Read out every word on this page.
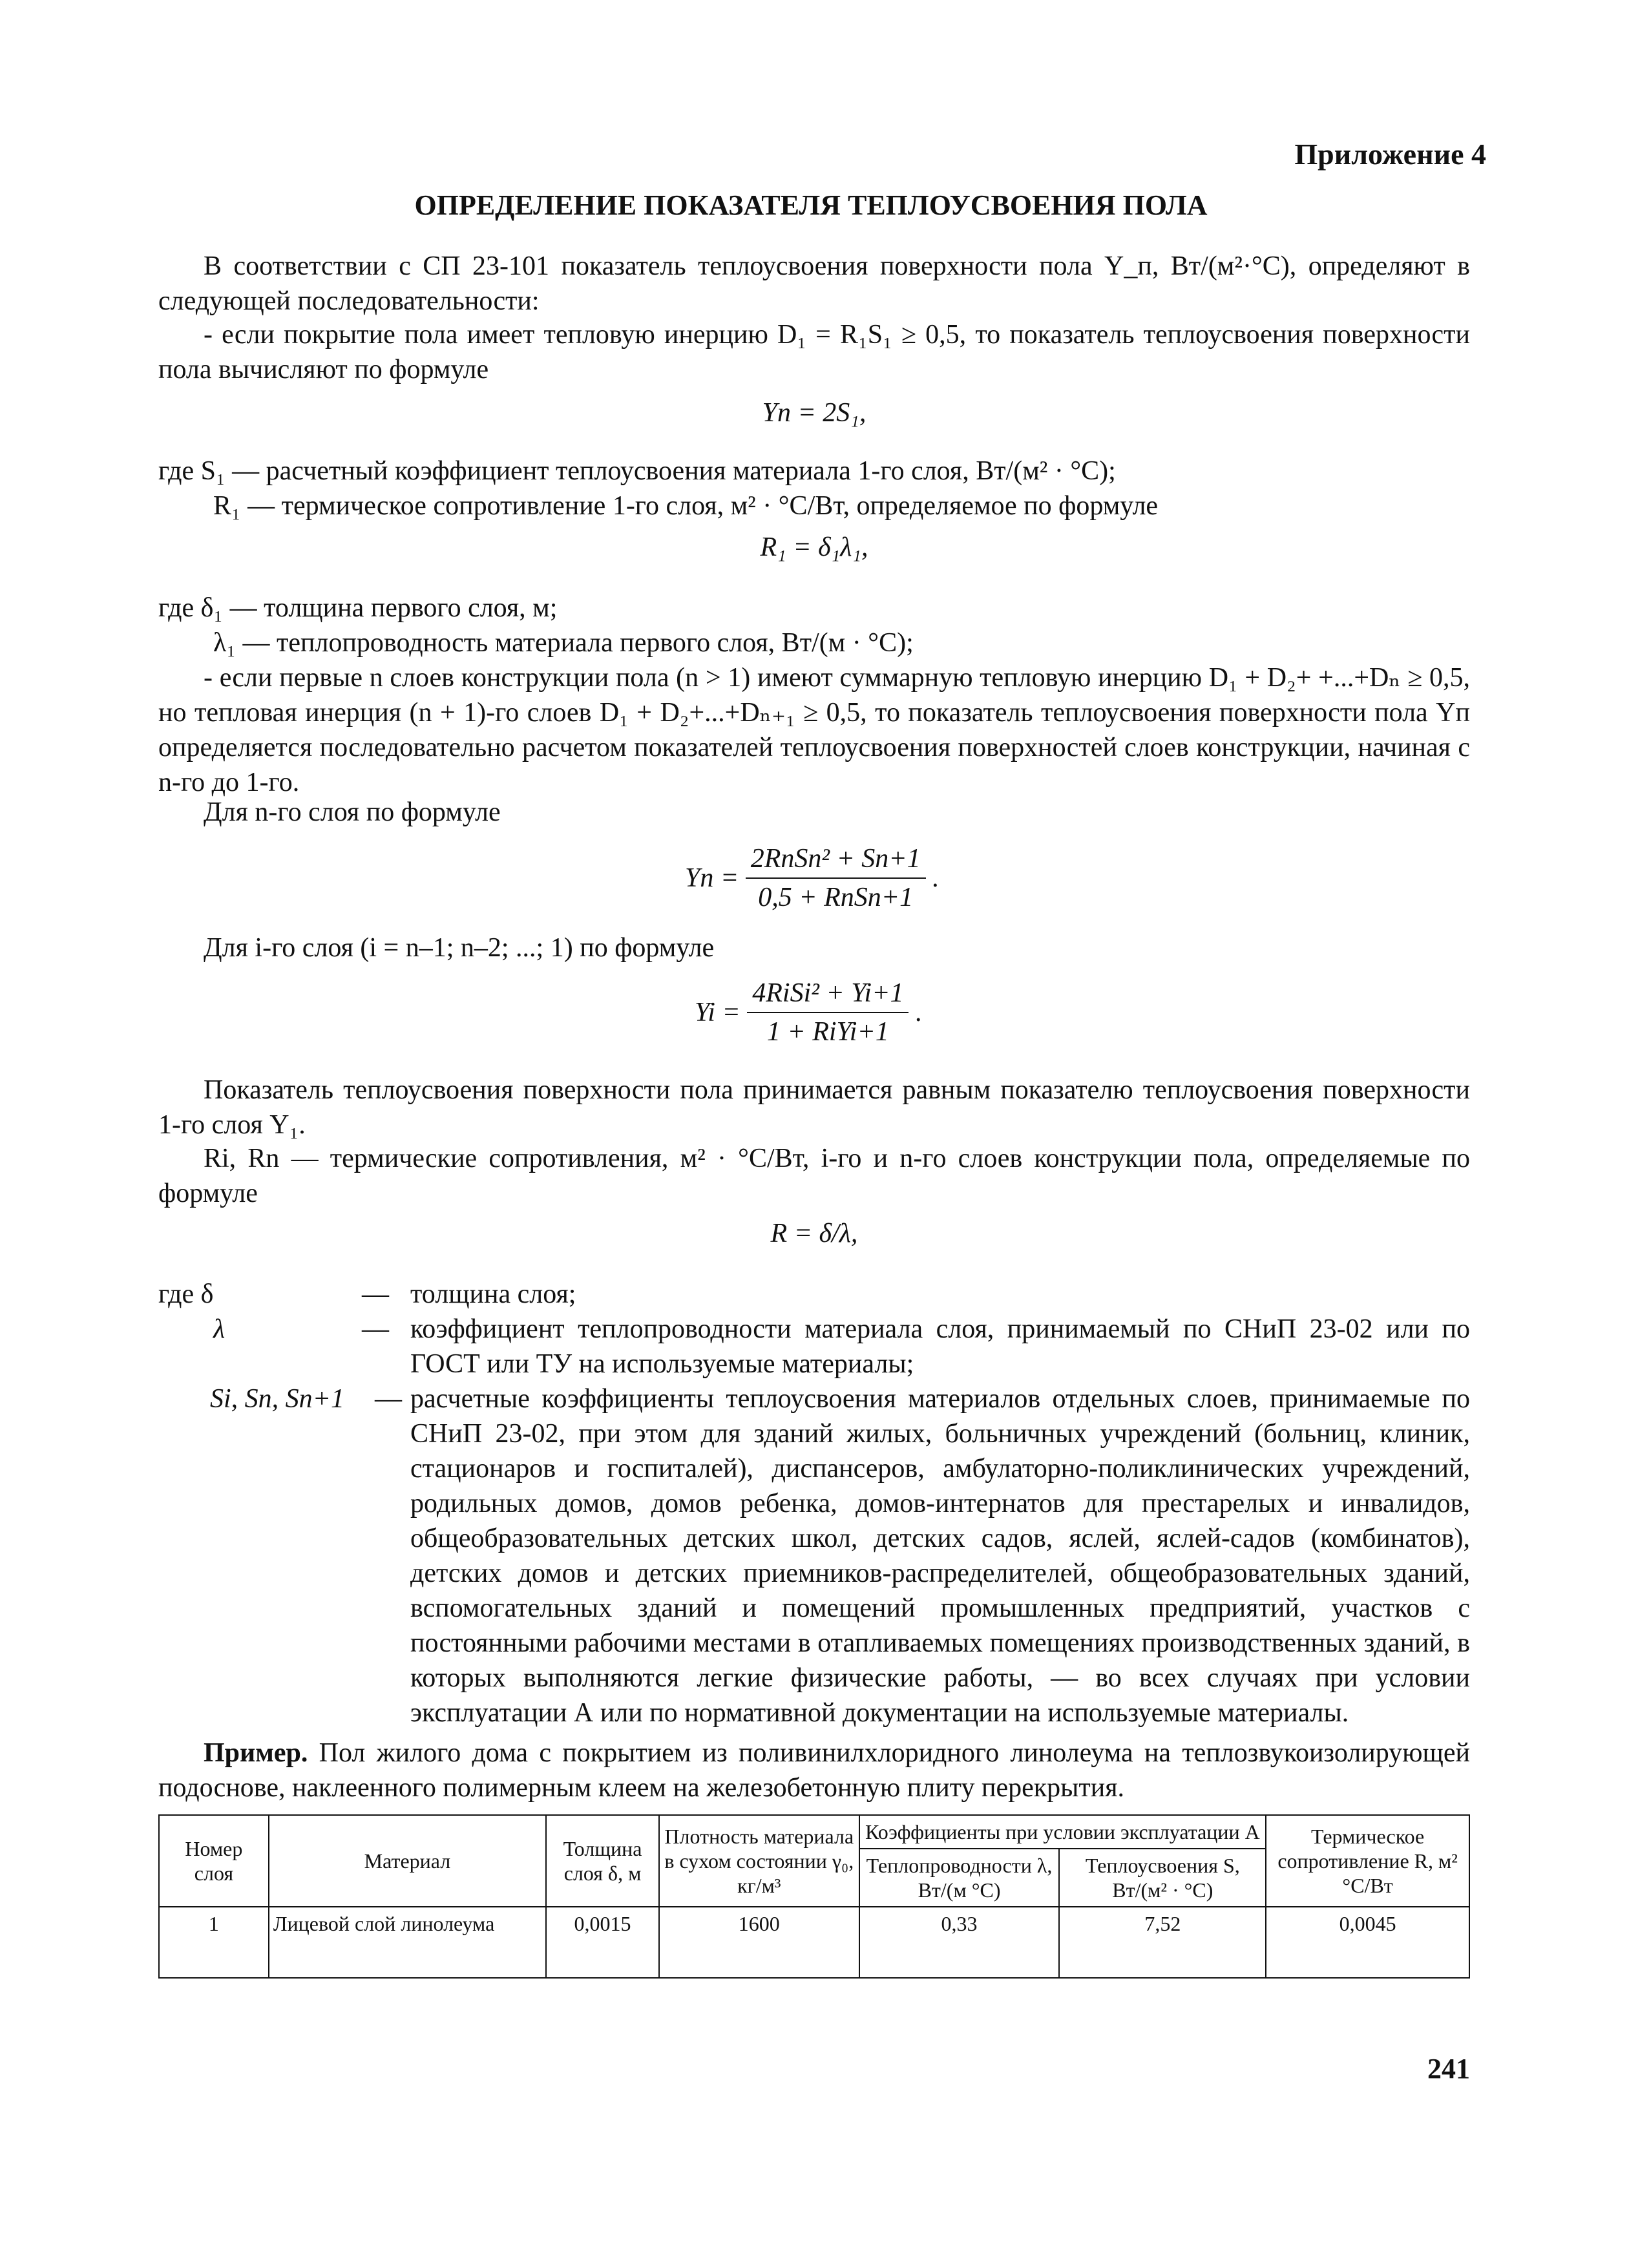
Приложение 4
ОПРЕДЕЛЕНИЕ ПОКАЗАТЕЛЯ ТЕПЛОУСВОЕНИЯ ПОЛА
В соответствии с СП 23-101 показатель теплоусвоения поверхности пола Y_п, Вт/(м²·°С), определяют в следующей последовательности:
- если покрытие пола имеет тепловую инерцию D₁ = R₁S₁ ≥ 0,5, то показатель теплоусвоения поверхности пола вычисляют по формуле
Yп = 2S₁,
где S₁ — расчетный коэффициент теплоусвоения материала 1-го слоя, Вт/(м² · °С);
R₁ — термическое сопротивление 1-го слоя, м² · °С/Вт, определяемое по формуле
R₁ = δ₁λ₁,
где δ₁ — толщина первого слоя, м;
λ₁ — теплопроводность материала первого слоя, Вт/(м · °С);
- если первые n слоев конструкции пола (n > 1) имеют суммарную тепловую инерцию D₁ + D₂+ +...+Dₙ ≥ 0,5, но тепловая инерция (n + 1)-го слоев D₁ + D₂+...+Dₙ₊₁ ≥ 0,5, то показатель теплоусвоения поверхности пола Yп определяется последовательно расчетом показателей теплоусвоения поверхностей слоев конструкции, начиная с n-го до 1-го.
Для n-го слоя по формуле
$Yn = \frac{\text{2RnSn² + Sn+1}}{\text{0,5 + RnSn+1}}$ .
Для i-го слоя (i = n–1; n–2; ...; 1) по формуле
$Yi = \frac{\text{4RiSi² + Yi+1}}{\text{1 + RiYi+1}}$ .
Показатель теплоусвоения поверхности пола принимается равным показателю теплоусвоения поверхности 1-го слоя Y₁.
Ri, Rn — термические сопротивления, м² · °С/Вт, i-го и n-го слоев конструкции пола, определяемые по формуле
R = δ/λ,
где δ	— толщина слоя;
λ	— коэффициент теплопроводности материала слоя, принимаемый по СНиП 23-02 или по ГОСТ или ТУ на используемые материалы;
Si, Sn, Sn+1	— расчетные коэффициенты теплоусвоения материалов отдельных слоев, принимаемые по СНиП 23-02, при этом для зданий жилых, больничных учреждений (больниц, клиник, стационаров и госпиталей), диспансеров, амбулаторно-поликлинических учреждений, родильных домов, домов ребенка, домов-интернатов для престарелых и инвалидов, общеобразовательных детских школ, детских садов, яслей, яслей-садов (комбинатов), детских домов и детских приемников-распределителей, общеобразовательных зданий, вспомогательных зданий и помещений промышленных предприятий, участков с постоянными рабочими местами в отапливаемых помещениях производственных зданий, в которых выполняются легкие физические работы, — во всех случаях при условии эксплуатации А или по нормативной документации на используемые материалы.
Пример. Пол жилого дома с покрытием из поливинилхлоридного линолеума на теплозвукоизолирующей подоснове, наклеенного полимерным клеем на железобетонную плиту перекрытия.
Номер слоя	Материал	Толщина слоя δ, м	Плотность материала в сухом состоянии γ₀, кг/м³	Коэффициенты при условии эксплуатации А		Термическое сопротивление R, м² °С/Вт
				Теплопроводности λ, Вт/(м °С)	Теплоусвоения S, Вт/(м² · °С)	
1	Лицевой слой линолеума	0,0015	1600	0,33	7,52	0,0045
241
